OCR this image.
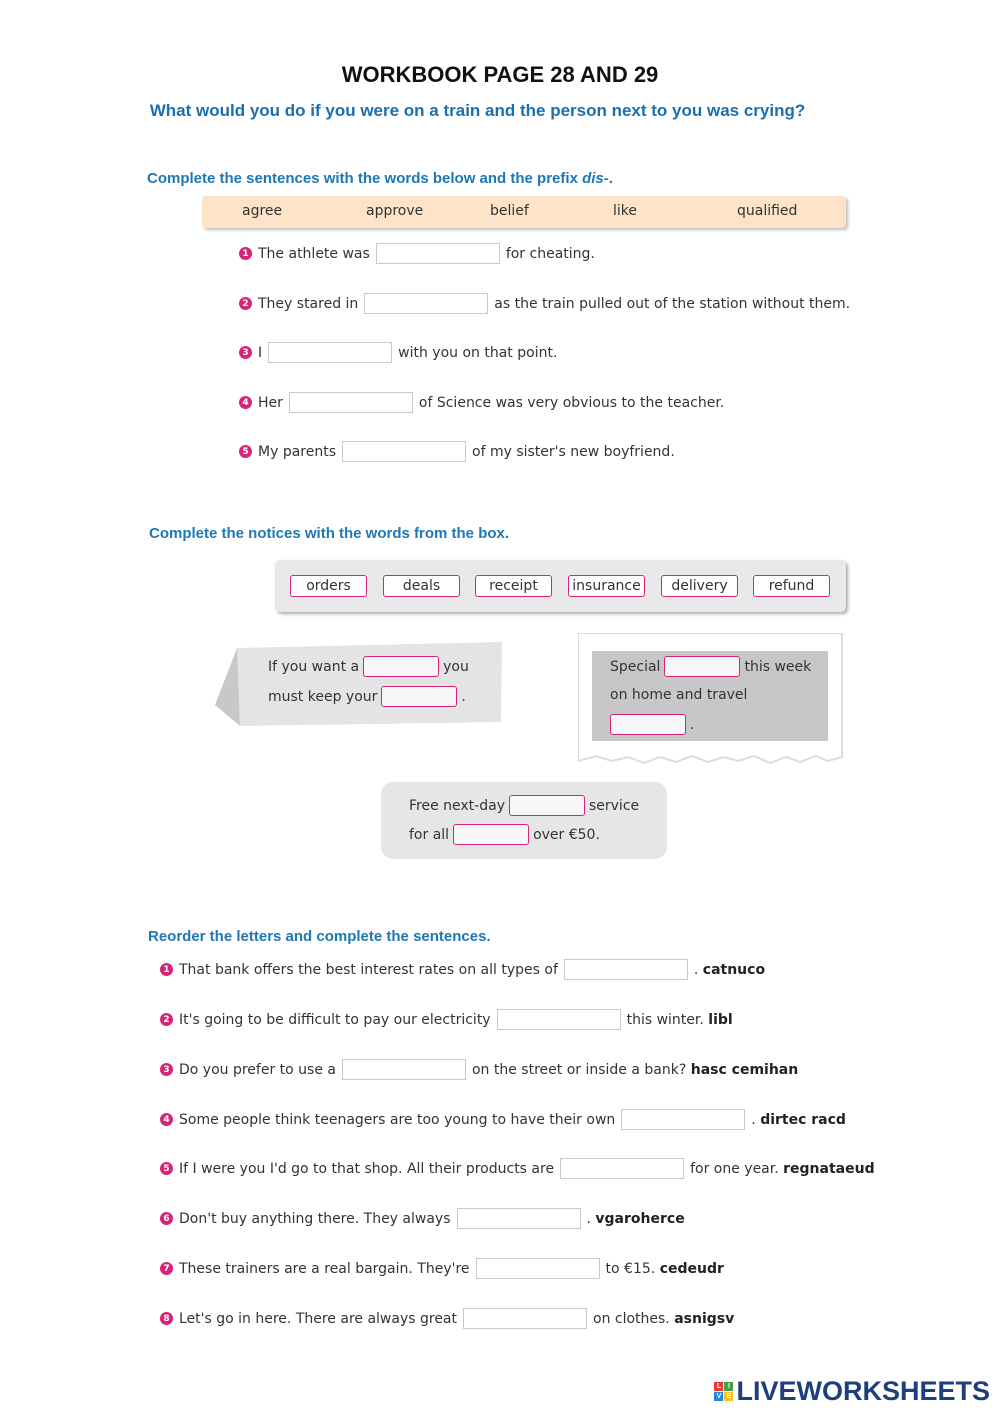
WORKBOOK PAGE 28 AND 29
What would you do if you were on a train and the person next to you was crying?
Complete the sentences with the words below and the prefix dis-.
agree	approve	belief	like	qualified
1 The athlete was	for cheating.
2 They stared in	as the train pulled out of the station without them.
3 I	with you on that point.
4 Her	of Science was very obvious to the teacher.
5 My parents	of my sister's new boyfriend.
Complete the notices with the words from the box.
orders	deals	receipt	insurance	delivery	refund
If you want a	you
must keep your	.
Special	this week
on home and travel
.
Free next-day	service
for all	over €50.
Reorder the letters and complete the sentences.
1 That bank offers the best interest rates on all types of	.
catnuco
2 It's going to be difficult to pay our electricity	this winter.
libl
3 Do you prefer to use a	on the street or inside a bank?
hasc cemihan
4 Some people think teenagers are too young to have their own	.
dirtec racd
5 If I were you I'd go to that shop. All their products are	for one year.
regnataeud
6 Don't buy anything there. They always	.
vgaroherce
7 These trainers are a real bargain. They're	to €15.
cedeudr
8 Let's go in here. There are always great	on clothes.
asnigsv
L I
V E LIVEWORKSHEETS
